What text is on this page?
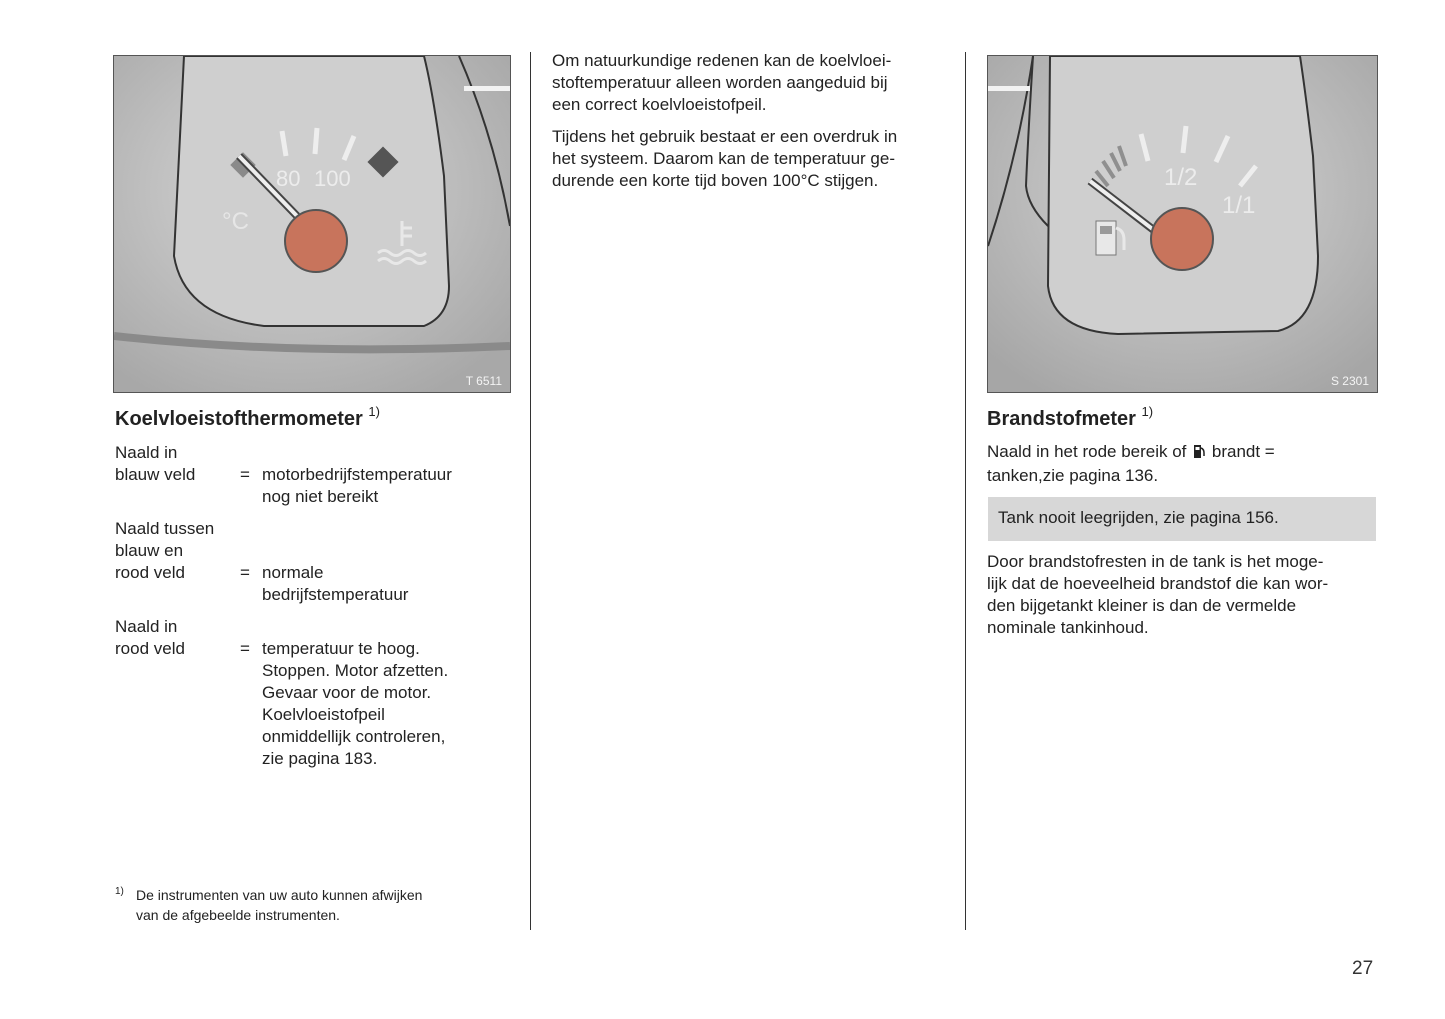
80 100
°C
T 6511
Koelvloeistofthermometer $^{1)}$
Naald in
blauw veld	= motorbedrijfstemperatuur
nog niet bereikt
Naald tussen
blauw en
rood veld	= normale
bedrijfstemperatuur
Naald in
rood veld	= temperatuur te hoog.
Stoppen. Motor afzetten.
Gevaar voor de motor.
Koelvloeistofpeil
onmiddellijk controleren,
zie pagina 183.
1) De instrumenten van uw auto kunnen afwijken
van de afgebeelde instrumenten.
Om natuurkundige redenen kan de koelvloei-
stoftemperatuur alleen worden aangeduid bij
een correct koelvloeistofpeil.
Tijdens het gebruik bestaat er een overdruk in
het systeem. Daarom kan de temperatuur ge-
durende een korte tijd boven 100°C stijgen.	1/2
1/1
S 2301
Brandstofmeter $^{1)}$
Naald in het rode bereik of brandt =
tanken,zie pagina 136.
Tank nooit leegrijden, zie pagina 156.
Door brandstofresten in de tank is het moge-
lijk dat de hoeveelheid brandstof die kan wor-
den bijgetankt kleiner is dan de vermelde
nominale tankinhoud.
27
